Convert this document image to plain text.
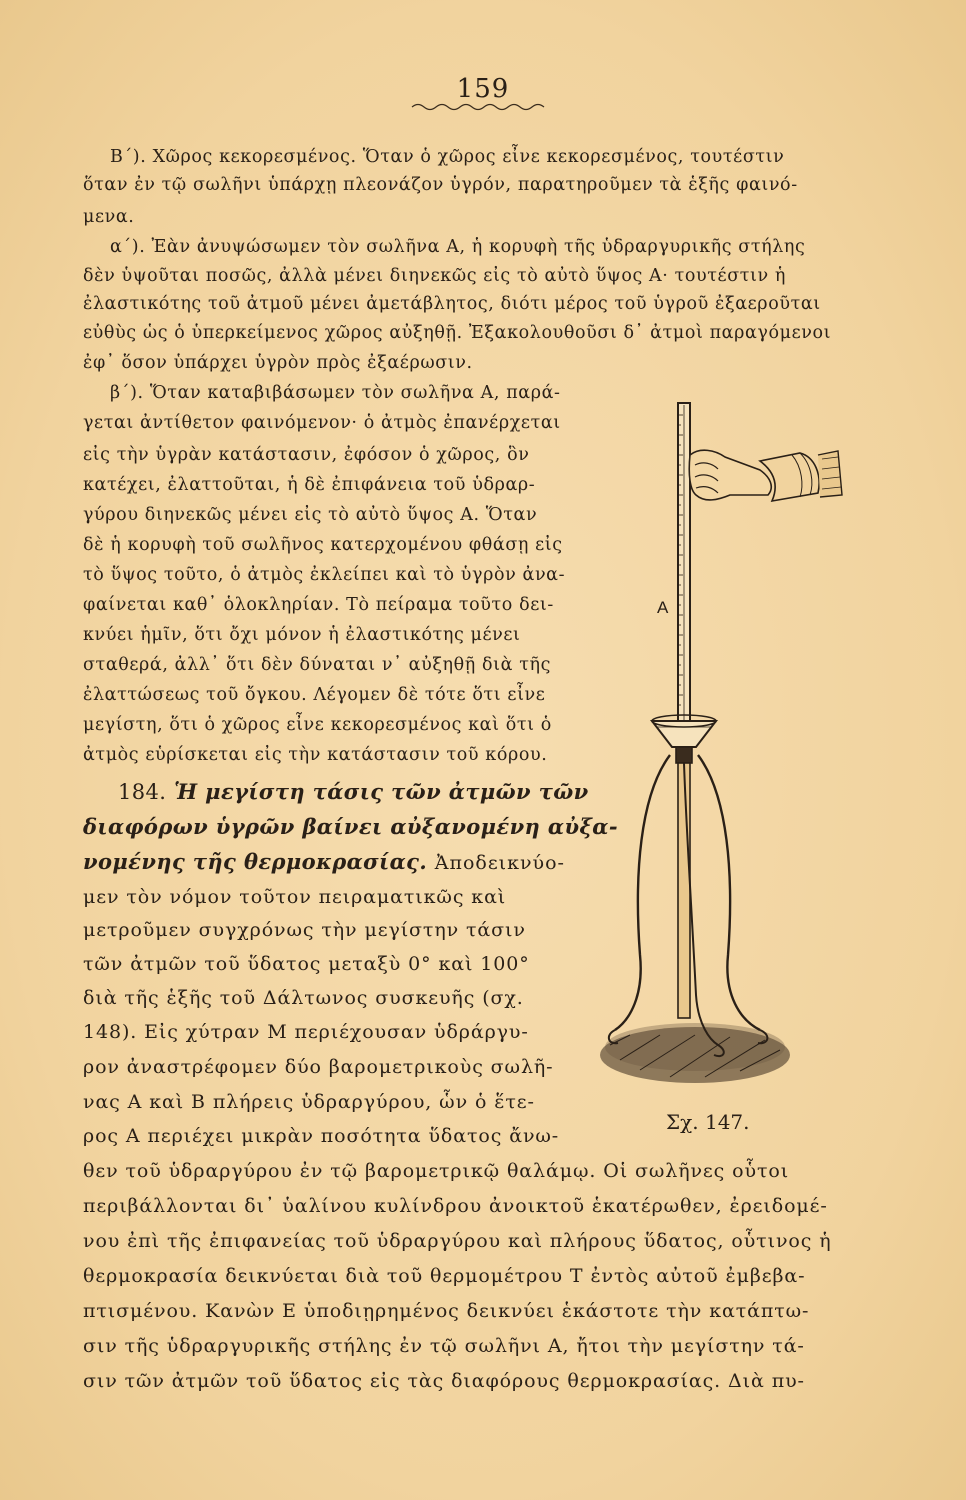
159
Β΄). Χῶρος κεκορεσμένος. Ὅταν ὁ χῶρος εἶνε κεκορεσμένος, τουτέστιν
ὅταν ἐν τῷ σωλῆνι ὑπάρχῃ πλεονάζον ὑγρόν, παρατηροῦμεν τὰ ἑξῆς φαινό-
μενα.
α΄). Ἐὰν ἀνυψώσωμεν τὸν σωλῆνα Α, ἡ κορυφὴ τῆς ὑδραργυρικῆς στήλης
δὲν ὑψοῦται ποσῶς, ἀλλὰ μένει διηνεκῶς εἰς τὸ αὐτὸ ὕψος Α· τουτέστιν ἡ
ἐλαστικότης τοῦ ἀτμοῦ μένει ἀμετάβλητος, διότι μέρος τοῦ ὑγροῦ ἐξαεροῦται
εὐθὺς ὡς ὁ ὑπερκείμενος χῶρος αὐξηθῇ. Ἐξακολουθοῦσι δ᾽ ἀτμοὶ παραγόμενοι
ἐφ᾽ ὅσον ὑπάρχει ὑγρὸν πρὸς ἐξαέρωσιν.
β΄). Ὅταν καταβιβάσωμεν τὸν σωλῆνα Α, παρά-
γεται ἀντίθετον φαινόμενον· ὁ ἀτμὸς ἐπανέρχεται
εἰς τὴν ὑγρὰν κατάστασιν, ἐφόσον ὁ χῶρος, ὃν
κατέχει, ἐλαττοῦται, ἡ δὲ ἐπιφάνεια τοῦ ὑδραρ-
γύρου διηνεκῶς μένει εἰς τὸ αὐτὸ ὕψος Α. Ὅταν
δὲ ἡ κορυφὴ τοῦ σωλῆνος κατερχομένου φθάσῃ εἰς
τὸ ὕψος τοῦτο, ὁ ἀτμὸς ἐκλείπει καὶ τὸ ὑγρὸν ἀνα-
φαίνεται καθ᾽ ὁλοκληρίαν. Τὸ πείραμα τοῦτο δει-
κνύει ἡμῖν, ὅτι ὄχι μόνον ἡ ἐλαστικότης μένει
σταθερά, ἀλλ᾽ ὅτι δὲν δύναται ν᾽ αὐξηθῇ διὰ τῆς
ἐλαττώσεως τοῦ ὄγκου. Λέγομεν δὲ τότε ὅτι εἶνε
μεγίστη, ὅτι ὁ χῶρος εἶνε κεκορεσμένος καὶ ὅτι ὁ
ἀτμὸς εὑρίσκεται εἰς τὴν κατάστασιν τοῦ κόρου.
184. Ἡ μεγίστη τάσις τῶν ἀτμῶν τῶν
διαφόρων ὑγρῶν βαίνει αὐξανομένη αὐξα-
νομένης τῆς θερμοκρασίας. Ἀποδεικνύο-
μεν τὸν νόμον τοῦτον πειραματικῶς καὶ
μετροῦμεν συγχρόνως τὴν μεγίστην τάσιν
τῶν ἀτμῶν τοῦ ὕδατος μεταξὺ 0° καὶ 100°
διὰ τῆς ἑξῆς τοῦ Δάλτωνος συσκευῆς (σχ.
148). Εἰς χύτραν Μ περιέχουσαν ὑδράργυ-
ρον ἀναστρέφομεν δύο βαρομετρικοὺς σωλῆ-
νας Α καὶ Β πλήρεις ὑδραργύρου, ὧν ὁ ἕτε-
ρος Α περιέχει μικρὰν ποσότητα ὕδατος ἄνω-
θεν τοῦ ὑδραργύρου ἐν τῷ βαρομετρικῷ θαλάμῳ. Οἱ σωλῆνες οὗτοι
περιβάλλονται δι᾽ ὑαλίνου κυλίνδρου ἀνοικτοῦ ἑκατέρωθεν, ἐρειδομέ-
νου ἐπὶ τῆς ἐπιφανείας τοῦ ὑδραργύρου καὶ πλήρους ὕδατος, οὗτινος ἡ
θερμοκρασία δεικνύεται διὰ τοῦ θερμομέτρου Τ ἐντὸς αὐτοῦ ἐμβεβα-
πτισμένου. Κανὼν Ε ὑποδιῃρημένος δεικνύει ἑκάστοτε τὴν κατάπτω-
σιν τῆς ὑδραργυρικῆς στήλης ἐν τῷ σωλῆνι Α, ἤτοι τὴν μεγίστην τά-
σιν τῶν ἀτμῶν τοῦ ὕδατος εἰς τὰς διαφόρους θερμοκρασίας. Διὰ πυ-
Α
Σχ. 147.
